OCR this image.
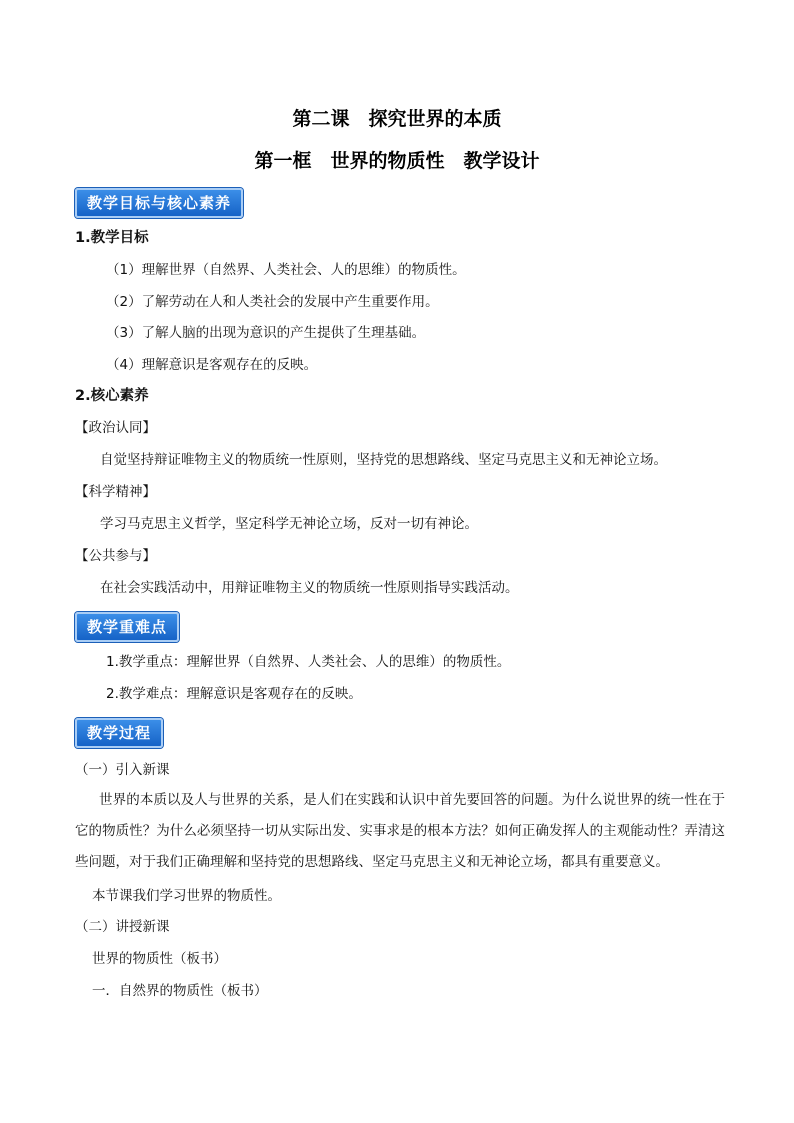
第二课　探究世界的本质
第一框　世界的物质性　教学设计
教学目标与核心素养
1.教学目标
（1）理解世界（自然界、人类社会、人的思维）的物质性。
（2）了解劳动在人和人类社会的发展中产生重要作用。
（3）了解人脑的出现为意识的产生提供了生理基础。
（4）理解意识是客观存在的反映。
2.核心素养
【政治认同】
自觉坚持辩证唯物主义的物质统一性原则，坚持党的思想路线、坚定马克思主义和无神论立场。
【科学精神】
学习马克思主义哲学，坚定科学无神论立场，反对一切有神论。
【公共参与】
在社会实践活动中，用辩证唯物主义的物质统一性原则指导实践活动。
教学重难点
1.教学重点：理解世界（自然界、人类社会、人的思维）的物质性。
2.教学难点：理解意识是客观存在的反映。
教学过程
（一）引入新课
世界的本质以及人与世界的关系，是人们在实践和认识中首先要回答的问题。为什么说世界的统一性在于它的物质性？为什么必须坚持一切从实际出发、实事求是的根本方法？如何正确发挥人的主观能动性？弄清这些问题，对于我们正确理解和坚持党的思想路线、坚定马克思主义和无神论立场，都具有重要意义。
本节课我们学习世界的物质性。
（二）讲授新课
世界的物质性（板书）
一．自然界的物质性（板书）
